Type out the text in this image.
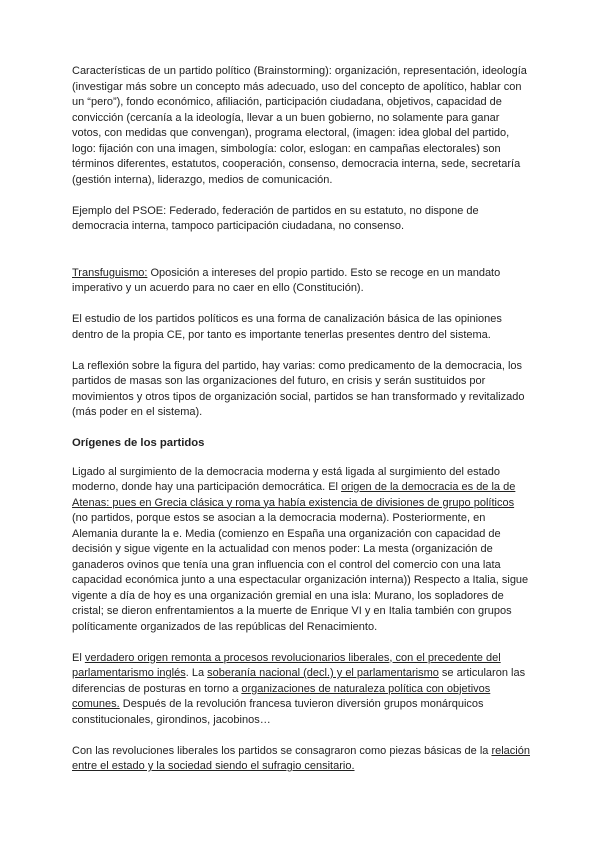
Características de un partido político (Brainstorming): organización, representación, ideología (investigar más sobre un concepto más adecuado, uso del concepto de apolítico, hablar con un “pero”), fondo económico, afiliación, participación ciudadana, objetivos, capacidad de convicción (cercanía a la ideología, llevar a un buen gobierno, no solamente para ganar votos, con medidas que convengan), programa electoral, (imagen: idea global del partido, logo: fijación con una imagen, simbología: color, eslogan: en campañas electorales) son términos diferentes, estatutos, cooperación, consenso, democracia interna, sede, secretaría (gestión interna), liderazgo, medios de comunicación.

Ejemplo del PSOE: Federado, federación de partidos en su estatuto, no dispone de democracia interna, tampoco participación ciudadana, no consenso.

Transfuguismo: Oposición a intereses del propio partido. Esto se recoge en un mandato imperativo y un acuerdo para no caer en ello (Constitución).

El estudio de los partidos políticos es una forma de canalización básica de las opiniones dentro de la propia CE, por tanto es importante tenerlas presentes dentro del sistema.

La reflexión sobre la figura del partido, hay varias: como predicamento de la democracia, los partidos de masas son las organizaciones del futuro, en crisis y serán sustituidos por movimientos y otros tipos de organización social, partidos se han transformado y revitalizado (más poder en el sistema).

Orígenes de los partidos

Ligado al surgimiento de la democracia moderna y está ligada al surgimiento del estado moderno, donde hay una participación democrática. El origen de la democracia es de la de Atenas: pues en Grecia clásica y roma ya había existencia de divisiones de grupo políticos (no partidos, porque estos se asocian a la democracia moderna). Posteriormente, en Alemania durante la e. Media (comienzo en España una organización con capacidad de decisión y sigue vigente en la actualidad con menos poder: La mesta (organización de ganaderos ovinos que tenía una gran influencia con el control del comercio con una lata capacidad económica junto a una espectacular organización interna)) Respecto a Italia, sigue vigente a día de hoy es una organización gremial en una isla: Murano, los sopladores de cristal; se dieron enfrentamientos a la muerte de Enrique VI y en Italia también con grupos políticamente organizados de las repúblicas del Renacimiento.

El verdadero origen remonta a procesos revolucionarios liberales, con el precedente del parlamentarismo inglés. La soberanía nacional (decl.) y el parlamentarismo se articularon las diferencias de posturas en torno a organizaciones de naturaleza política con objetivos comunes. Después de la revolución francesa tuvieron diversión grupos monárquicos constitucionales, girondinos, jacobinos…

Con las revoluciones liberales los partidos se consagraron como piezas básicas de la relación entre el estado y la sociedad siendo el sufragio censitario.
